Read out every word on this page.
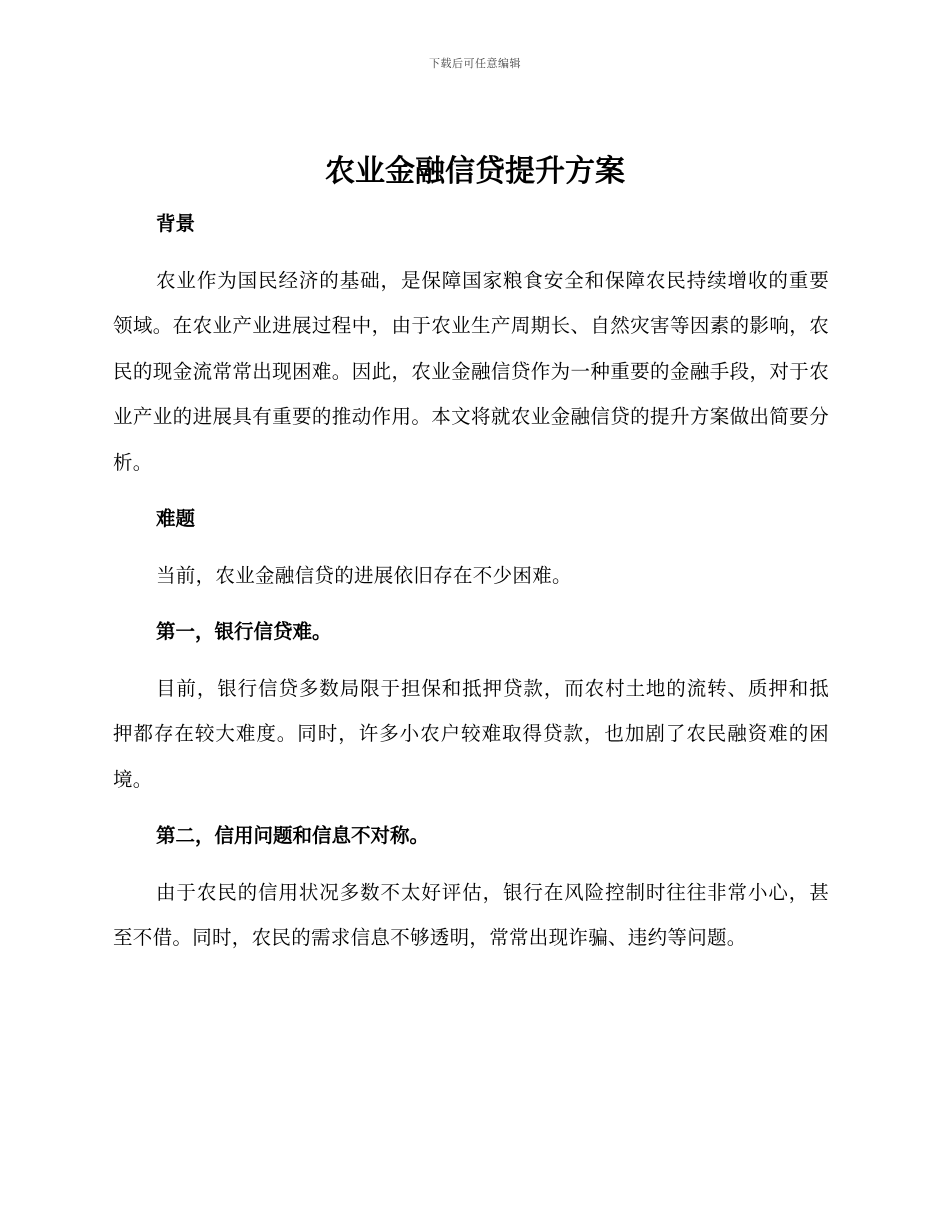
下载后可任意编辑
农业金融信贷提升方案

背景

农业作为国民经济的基础，是保障国家粮食安全和保障农民持续增收的重要领域。在农业产业进展过程中，由于农业生产周期长、自然灾害等因素的影响，农民的现金流常常出现困难。因此，农业金融信贷作为一种重要的金融手段，对于农业产业的进展具有重要的推动作用。本文将就农业金融信贷的提升方案做出简要分析。

难题

当前，农业金融信贷的进展依旧存在不少困难。

第一，银行信贷难。

目前，银行信贷多数局限于担保和抵押贷款，而农村土地的流转、质押和抵押都存在较大难度。同时，许多小农户较难取得贷款，也加剧了农民融资难的困境。

第二，信用问题和信息不对称。

由于农民的信用状况多数不太好评估，银行在风险控制时往往非常小心，甚至不借。同时，农民的需求信息不够透明，常常出现诈骗、违约等问题。
